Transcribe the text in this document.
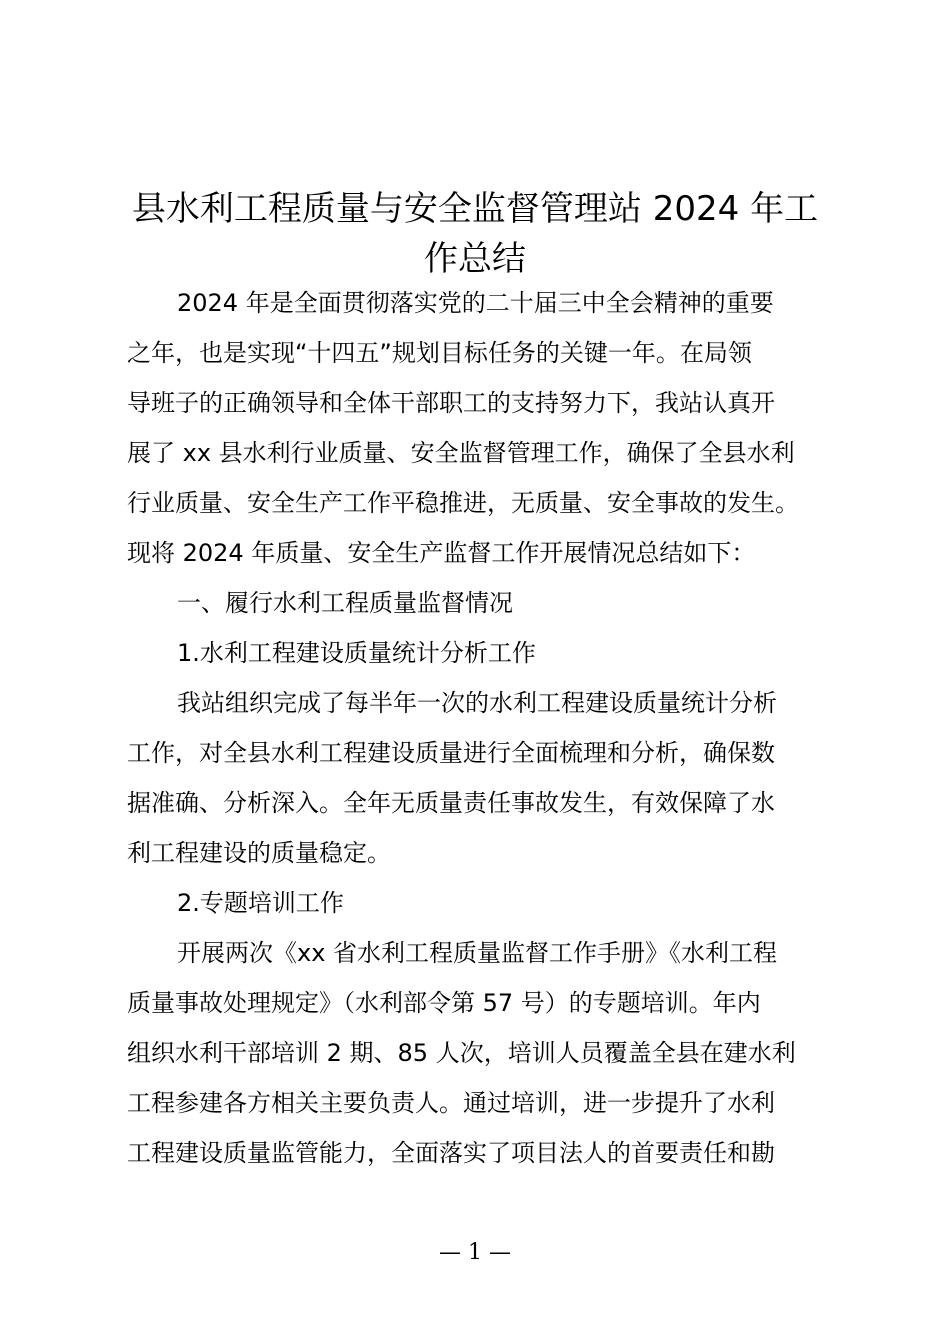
县水利工程质量与安全监督管理站 2024 年工
作总结

2024 年是全面贯彻落实党的二十届三中全会精神的重要

之年，也是实现“十四五”规划目标任务的关键一年。在局领

导班子的正确领导和全体干部职工的支持努力下，我站认真开

展了 xx 县水利行业质量、安全监督管理工作，确保了全县水利

行业质量、安全生产工作平稳推进，无质量、安全事故的发生。

现将 2024 年质量、安全生产监督工作开展情况总结如下：

一、履行水利工程质量监督情况

1.水利工程建设质量统计分析工作

我站组织完成了每半年一次的水利工程建设质量统计分析

工作，对全县水利工程建设质量进行全面梳理和分析，确保数

据准确、分析深入。全年无质量责任事故发生，有效保障了水

利工程建设的质量稳定。

2.专题培训工作

开展两次《xx 省水利工程质量监督工作手册》《水利工程

质量事故处理规定》（水利部令第 57 号）的专题培训。年内

组织水利干部培训 2 期、85 人次，培训人员覆盖全县在建水利

工程参建各方相关主要负责人。通过培训，进一步提升了水利

工程建设质量监管能力，全面落实了项目法人的首要责任和勘

— 1 —
